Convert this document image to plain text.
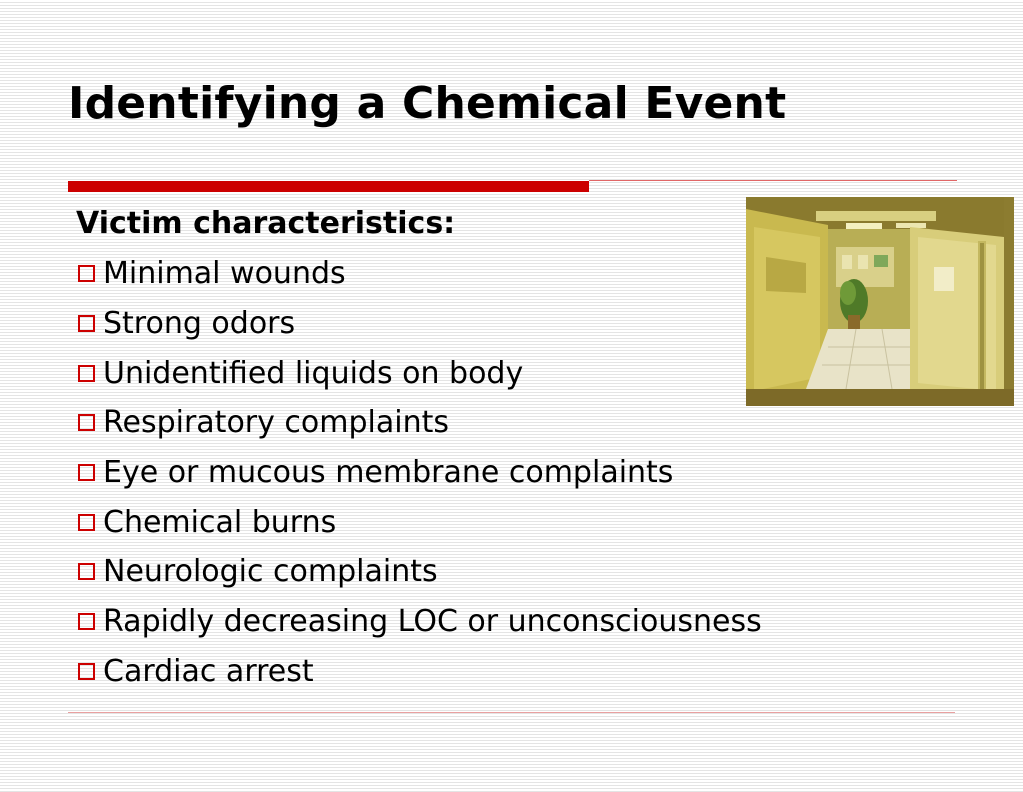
Identifying a Chemical Event
Victim characteristics:
Minimal wounds
Strong odors
Unidentified liquids on body
Respiratory complaints
Eye or mucous membrane complaints
Chemical burns
Neurologic complaints
Rapidly decreasing LOC or unconsciousness
Cardiac arrest
